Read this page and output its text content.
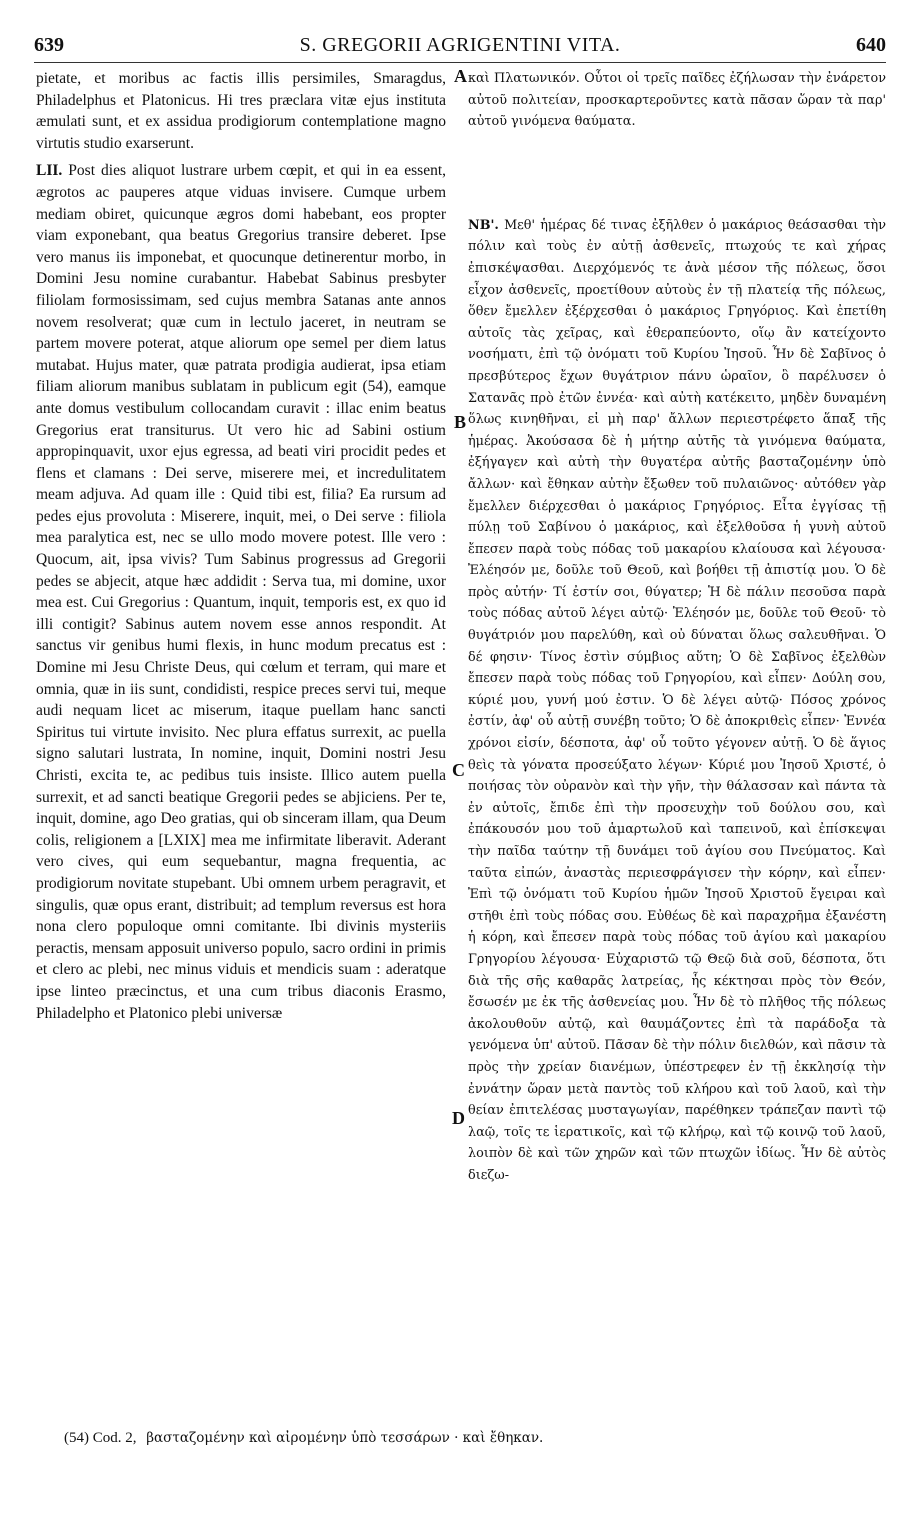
639	S. GREGORII AGRIGENTINI VITA.	640

pietate, et moribus ac factis illis persimiles, Smaragdus, Philadelphus et Platonicus. Hi tres præclara vitæ ejus instituta æmulati sunt, et ex assidua prodigiorum contemplatione magno virtutis studio exarserunt.

LII. Post dies aliquot lustrare urbem cœpit, et qui in ea essent, ægrotos ac pauperes atque viduas invisere. Cumque urbem mediam obiret, quicunque ægros domi habebant, eos propter viam exponebant, qua beatus Gregorius transire deberet. Ipse vero manus iis imponebat, et quocunque detinerentur morbo, in Domini Jesu nomine curabantur. Habebat Sabinus presbyter filiolam formosissimam, sed cujus membra Satanas ante annos novem resolverat; quæ cum in lectulo jaceret, in neutram se partem movere poterat, atque aliorum ope semel per diem latus mutabat. Hujus mater, quæ patrata prodigia audierat, ipsa etiam filiam aliorum manibus sublatam in publicum egit (54), eamque ante domus vestibulum collocandam curavit : illac enim beatus Gregorius erat transiturus. Ut vero hic ad Sabini ostium appropinquavit, uxor ejus egressa, ad beati viri procidit pedes et flens et clamans : Dei serve, miserere mei, et incredulitatem meam adjuva. Ad quam ille : Quid tibi est, filia? Ea rursum ad pedes ejus provoluta : Miserere, inquit, mei, o Dei serve : filiola mea paralytica est, nec se ullo modo movere potest. Ille vero : Quocum, ait, ipsa vivis? Tum Sabinus progressus ad Gregorii pedes se abjecit, atque hæc addidit : Serva tua, mi domine, uxor mea est. Cui Gregorius : Quantum, inquit, temporis est, ex quo id illi contigit? Sabinus autem novem esse annos respondit. At sanctus vir genibus humi flexis, in hunc modum precatus est : Domine mi Jesu Christe Deus, qui cœlum et terram, qui mare et omnia, quæ in iis sunt, condidisti, respice preces servi tui, meque audi nequam licet ac miserum, itaque puellam hanc sancti Spiritus tui virtute invisito. Nec plura effatus surrexit, ac puella signo salutari lustrata, In nomine, inquit, Domini nostri Jesu Christi, excita te, ac pedibus tuis insiste. Illico autem puella surrexit, et ad sancti beatique Gregorii pedes se abjiciens. Per te, inquit, domine, ago Deo gratias, qui ob sinceram illam, qua Deum colis, religionem a [LXIX] mea me infirmitate liberavit. Aderant vero cives, qui eum sequebantur, magna frequentia, ac prodigiorum novitate stupebant. Ubi omnem urbem peragravit, et singulis, quæ opus erant, distribuit; ad templum reversus est hora nona clero populoque omni comitante. Ibi divinis mysteriis peractis, mensam apposuit universo populo, sacro ordini in primis et clero ac plebi, nec minus viduis et mendicis suam : aderatque ipse linteo præcinctus, et una cum tribus diaconis Erasmo, Philadelpho et Platonico plebi universæ

A
B
C
D

καὶ Πλατωνικόν. Οὗτοι οἱ τρεῖς παῖδες ἐζήλωσαν τὴν ἐνάρετον αὐτοῦ πολιτείαν, προσκαρτεροῦντες κατὰ πᾶσαν ὥραν τὰ παρ' αὐτοῦ γινόμενα θαύματα.

ΝΒ'. Μεθ' ἡμέρας δέ τινας ἐξῆλθεν ὁ μακάριος θεάσασθαι τὴν πόλιν καὶ τοὺς ἐν αὐτῇ ἀσθενεῖς, πτωχούς τε καὶ χήρας ἐπισκέψασθαι. Διερχόμενός τε ἀνὰ μέσον τῆς πόλεως, ὅσοι εἶχον ἀσθενεῖς, προετίθουν αὐτοὺς ἐν τῇ πλατείᾳ τῆς πόλεως, ὅθεν ἔμελλεν ἐξέρχεσθαι ὁ μακάριος Γρηγόριος. Καὶ ἐπετίθη αὐτοῖς τὰς χεῖρας, καὶ ἐθεραπεύοντο, οἵῳ ἂν κατείχοντο νοσήματι, ἐπὶ τῷ ὀνόματι τοῦ Κυρίου Ἰησοῦ. Ἦν δὲ Σαβῖνος ὁ πρεσβύτερος ἔχων θυγάτριον πάνυ ὡραῖον, ὃ παρέλυσεν ὁ Σατανᾶς πρὸ ἐτῶν ἐννέα· καὶ αὐτὴ κατέκειτο, μηδὲν δυναμένη ὅλως κινηθῆναι, εἰ μὴ παρ' ἄλλων περιεστρέφετο ἅπαξ τῆς ἡμέρας. Ἀκούσασα δὲ ἡ μήτηρ αὐτῆς τὰ γινόμενα θαύματα, ἐξήγαγεν καὶ αὐτὴ τὴν θυγατέρα αὐτῆς βασταζομένην ὑπὸ ἄλλων· καὶ ἔθηκαν αὐτὴν ἔξωθεν τοῦ πυλαιῶνος· αὐτόθεν γὰρ ἔμελλεν διέρχεσθαι ὁ μακάριος Γρηγόριος. Εἶτα ἐγγίσας τῇ πύλῃ τοῦ Σαβίνου ὁ μακάριος, καὶ ἐξελθοῦσα ἡ γυνὴ αὐτοῦ ἔπεσεν παρὰ τοὺς πόδας τοῦ μακαρίου κλαίουσα καὶ λέγουσα· Ἐλέησόν με, δοῦλε τοῦ Θεοῦ, καὶ βοήθει τῇ ἀπιστίᾳ μου. Ὁ δὲ πρὸς αὐτήν· Τί ἐστίν σοι, θύγατερ; Ἡ δὲ πάλιν πεσοῦσα παρὰ τοὺς πόδας αὐτοῦ λέγει αὐτῷ· Ἐλέησόν με, δοῦλε τοῦ Θεοῦ· τὸ θυγάτριόν μου παρελύθη, καὶ οὐ δύναται ὅλως σαλευθῆναι. Ὁ δέ φησιν· Τίνος ἐστὶν σύμβιος αὕτη; Ὁ δὲ Σαβῖνος ἐξελθὼν ἔπεσεν παρὰ τοὺς πόδας τοῦ Γρηγορίου, καὶ εἶπεν· Δούλη σου, κύριέ μου, γυνή μού ἐστιν. Ὁ δὲ λέγει αὐτῷ· Πόσος χρόνος ἐστίν, ἀφ' οὗ αὐτῇ συνέβη τοῦτο; Ὁ δὲ ἀποκριθεὶς εἶπεν· Ἐννέα χρόνοι εἰσίν, δέσποτα, ἀφ' οὗ τοῦτο γέγονεν αὐτῇ. Ὁ δὲ ἅγιος θεὶς τὰ γόνατα προσεύξατο λέγων· Κύριέ μου Ἰησοῦ Χριστέ, ὁ ποιήσας τὸν οὐρανὸν καὶ τὴν γῆν, τὴν θάλασσαν καὶ πάντα τὰ ἐν αὐτοῖς, ἔπιδε ἐπὶ τὴν προσευχὴν τοῦ δούλου σου, καὶ ἐπάκουσόν μου τοῦ ἁμαρτωλοῦ καὶ ταπεινοῦ, καὶ ἐπίσκεψαι τὴν παῖδα ταύτην τῇ δυνάμει τοῦ ἁγίου σου Πνεύματος. Καὶ ταῦτα εἰπών, ἀναστὰς περιεσφράγισεν τὴν κόρην, καὶ εἶπεν· Ἐπὶ τῷ ὀνόματι τοῦ Κυρίου ἡμῶν Ἰησοῦ Χριστοῦ ἔγειραι καὶ στῆθι ἐπὶ τοὺς πόδας σου. Εὐθέως δὲ καὶ παραχρῆμα ἐξανέστη ἡ κόρη, καὶ ἔπεσεν παρὰ τοὺς πόδας τοῦ ἁγίου καὶ μακαρίου Γρηγορίου λέγουσα· Εὐχαριστῶ τῷ Θεῷ διὰ σοῦ, δέσποτα, ὅτι διὰ τῆς σῆς καθαρᾶς λατρείας, ἧς κέκτησαι πρὸς τὸν Θεόν, ἔσωσέν με ἐκ τῆς ἀσθενείας μου. Ἦν δὲ τὸ πλῆθος τῆς πόλεως ἀκολουθοῦν αὐτῷ, καὶ θαυμάζοντες ἐπὶ τὰ παράδοξα τὰ γενόμενα ὑπ' αὐτοῦ. Πᾶσαν δὲ τὴν πόλιν διελθών, καὶ πᾶσιν τὰ πρὸς τὴν χρείαν διανέμων, ὑπέστρεφεν ἐν τῇ ἐκκλησίᾳ τὴν ἐννάτην ὥραν μετὰ παντὸς τοῦ κλήρου καὶ τοῦ λαοῦ, καὶ τὴν θείαν ἐπιτελέσας μυσταγωγίαν, παρέθηκεν τράπεζαν παντὶ τῷ λαῷ, τοῖς τε ἱερατικοῖς, καὶ τῷ κλήρῳ, καὶ τῷ κοινῷ τοῦ λαοῦ, λοιπὸν δὲ καὶ τῶν χηρῶν καὶ τῶν πτωχῶν ἰδίως. Ἦν δὲ αὐτὸς διεζω-

(54) Cod. 2, βασταζομένην καὶ αἰρομένην ὑπὸ τεσσάρων · καὶ ἔθηκαν.
